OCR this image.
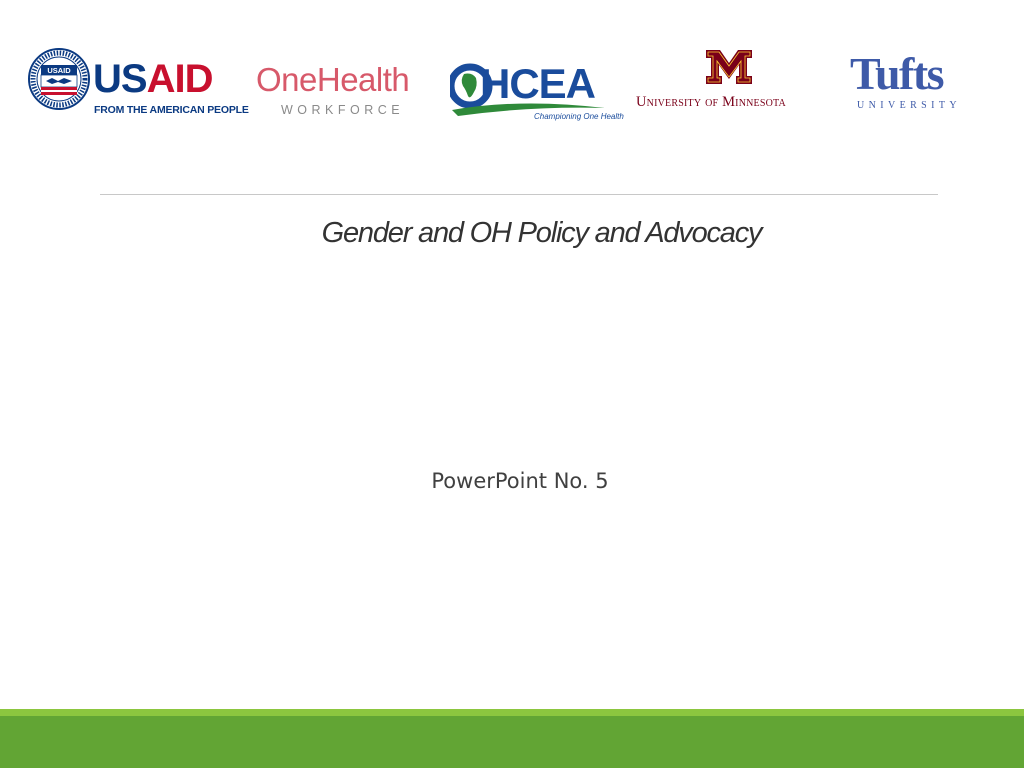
USAID USAID
FROM THE AMERICAN PEOPLE
OneHealth
WORKFORCE
HCEA
Championing One Health
University of Minnesota
Tufts
UNIVERSITY
Gender and OH Policy and Advocacy
PowerPoint No. 5
